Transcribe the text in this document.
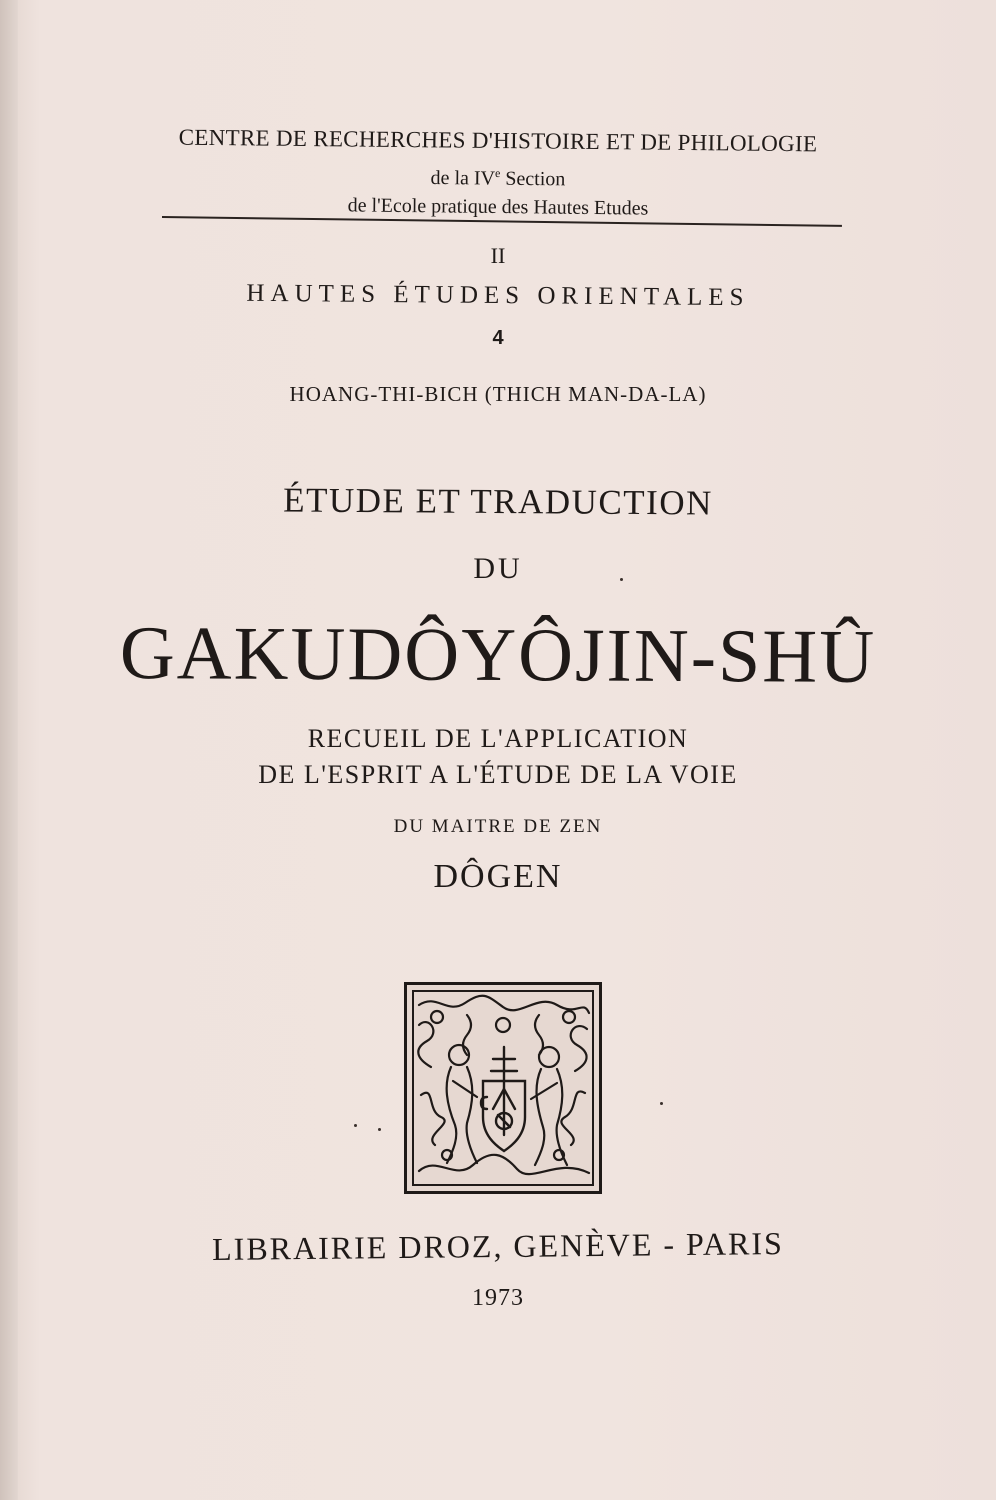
CENTRE DE RECHERCHES D'HISTOIRE ET DE PHILOLOGIE
de la IVe Section
de l'Ecole pratique des Hautes Etudes
II
HAUTES ÉTUDES ORIENTALES
4
HOANG-THI-BICH (THICH MAN-DA-LA)
ÉTUDE ET TRADUCTION
DU
GAKUDÔYÔJIN-SHÛ
RECUEIL DE L'APPLICATION
DE L'ESPRIT A L'ÉTUDE DE LA VOIE
DU MAITRE DE ZEN
DÔGEN
LIBRAIRIE DROZ, GENÈVE - PARIS
1973
